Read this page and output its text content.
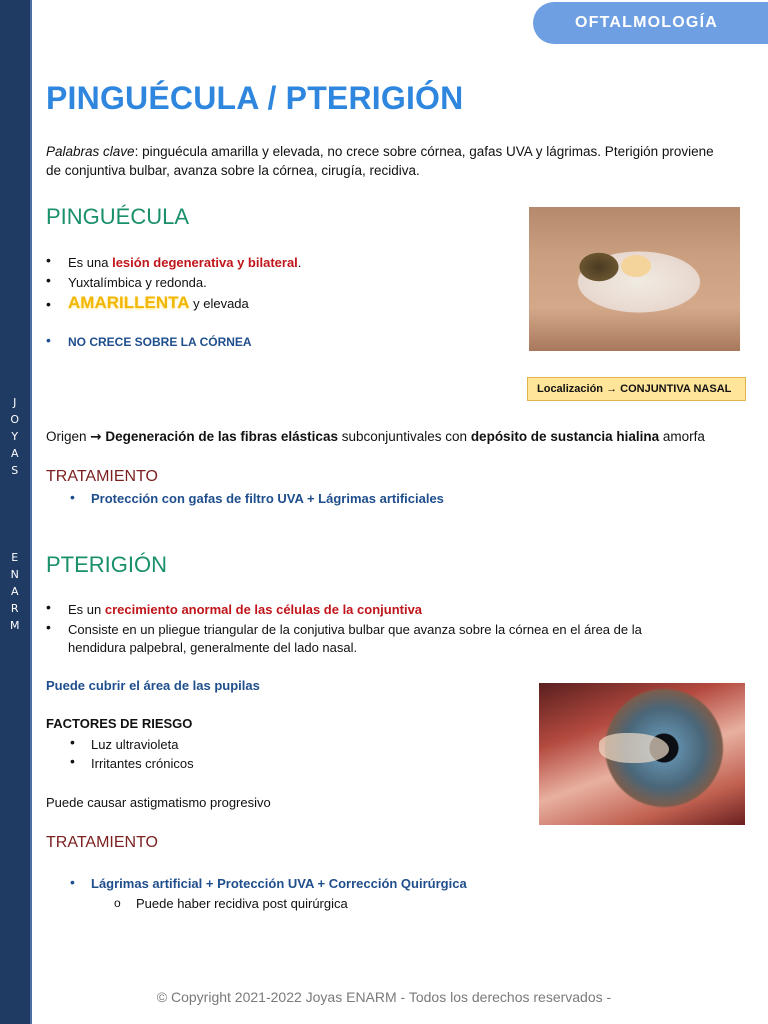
J
O
Y
A
S
E
N
A
R
M
OFTALMOLOGÍA
PINGUÉCULA / PTERIGIÓN
Palabras clave: pinguécula amarilla y elevada, no crece sobre córnea, gafas UVA y lágrimas. Pterigión proviene
de conjuntiva bulbar, avanza sobre la córnea, cirugía, recidiva.
PINGUÉCULA
• Es una lesión degenerativa y bilateral.
• Yuxtalímbica y redonda.
• AMARILLENTA y elevada
• NO CRECE SOBRE LA CÓRNEA
Localización → CONJUNTIVA NASAL
Origen → Degeneración de las fibras elásticas subconjuntivales con depósito de sustancia hialina amorfa
TRATAMIENTO
• Protección con gafas de filtro UVA + Lágrimas artificiales
PTERIGIÓN
• Es un crecimiento anormal de las células de la conjuntiva
• Consiste en un pliegue triangular de la conjutiva bulbar que avanza sobre la córnea en el área de la
hendidura palpebral, generalmente del lado nasal.
Puede cubrir el área de las pupilas
FACTORES DE RIESGO
• Luz ultravioleta
• Irritantes crónicos
Puede causar astigmatismo progresivo
TRATAMIENTO
• Lágrimas artificial + Protección UVA + Corrección Quirúrgica
o Puede haber recidiva post quirúrgica
© Copyright 2021-2022 Joyas ENARM - Todos los derechos reservados -
